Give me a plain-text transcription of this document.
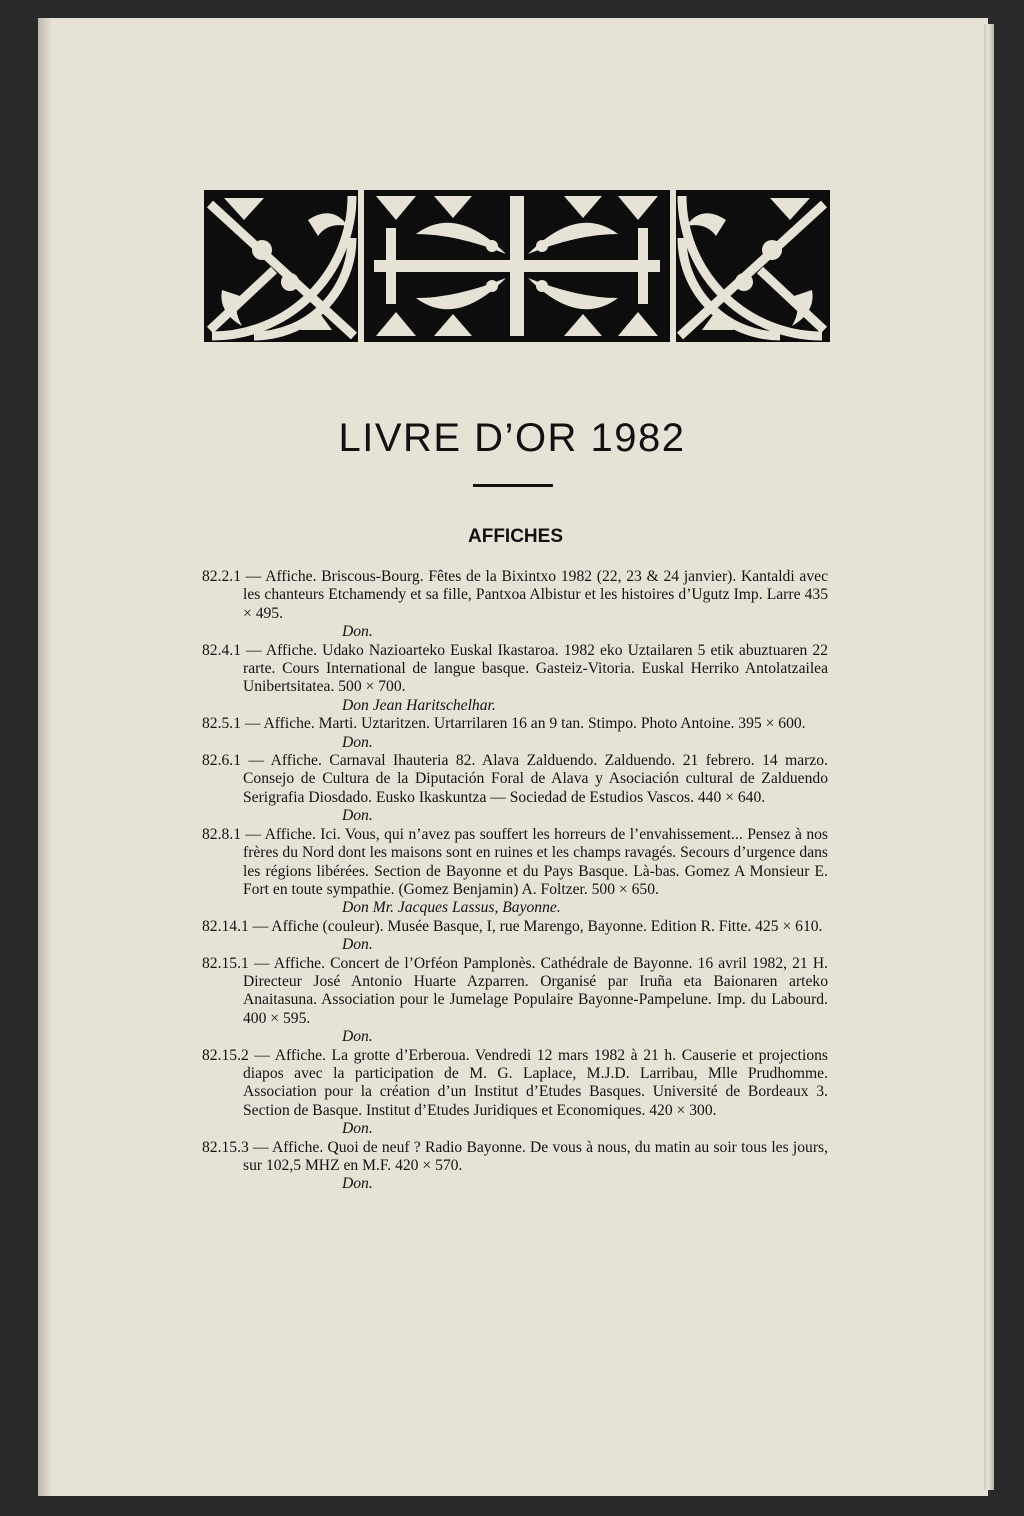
LIVRE D’OR 1982
AFFICHES
82.2.1 — Affiche. Briscous-Bourg. Fêtes de la Bixintxo 1982 (22, 23 & 24 janvier). Kantaldi avec les chanteurs Etchamendy et sa fille, Pantxoa Albistur et les histoires d’Ugutz Imp. Larre 435 × 495.
Don.
82.4.1 — Affiche. Udako Nazioarteko Euskal Ikastaroa. 1982 eko Uztailaren 5 etik abuztuaren 22 rarte. Cours International de langue basque. Gasteiz-Vitoria. Euskal Herriko Antolatzailea Unibertsitatea. 500 × 700.
Don Jean Haritschelhar.
82.5.1 — Affiche. Marti. Uztaritzen. Urtarrilaren 16 an 9 tan. Stimpo. Photo Antoine. 395 × 600.
Don.
82.6.1 — Affiche. Carnaval Ihauteria 82. Alava Zalduendo. Zalduendo. 21 febrero. 14 marzo. Consejo de Cultura de la Diputación Foral de Alava y Asociación cultural de Zalduendo Serigrafia Diosdado. Eusko Ikaskuntza — Sociedad de Estudios Vascos. 440 × 640.
Don.
82.8.1 — Affiche. Ici. Vous, qui n’avez pas souffert les horreurs de l’envahissement... Pensez à nos frères du Nord dont les maisons sont en ruines et les champs ravagés. Secours d’urgence dans les régions libérées. Section de Bayonne et du Pays Basque. Là-bas. Gomez A Monsieur E. Fort en toute sympathie. (Gomez Benjamin) A. Foltzer. 500 × 650.
Don Mr. Jacques Lassus, Bayonne.
82.14.1 — Affiche (couleur). Musée Basque, I, rue Marengo, Bayonne. Edition R. Fitte. 425 × 610.
Don.
82.15.1 — Affiche. Concert de l’Orféon Pamplonès. Cathédrale de Bayonne. 16 avril 1982, 21 H. Directeur José Antonio Huarte Azparren. Organisé par Iruña eta Baionaren arteko Anaitasuna. Association pour le Jumelage Populaire Bayonne-Pampelune. Imp. du Labourd. 400 × 595.
Don.
82.15.2 — Affiche. La grotte d’Erberoua. Vendredi 12 mars 1982 à 21 h. Causerie et projections diapos avec la participation de M. G. Laplace, M.J.D. Larribau, Mlle Prudhomme. Association pour la création d’un Institut d’Etudes Basques. Université de Bordeaux 3. Section de Basque. Institut d’Etudes Juridiques et Economiques. 420 × 300.
Don.
82.15.3 — Affiche. Quoi de neuf ? Radio Bayonne. De vous à nous, du matin au soir tous les jours, sur 102,5 MHZ en M.F. 420 × 570.
Don.
